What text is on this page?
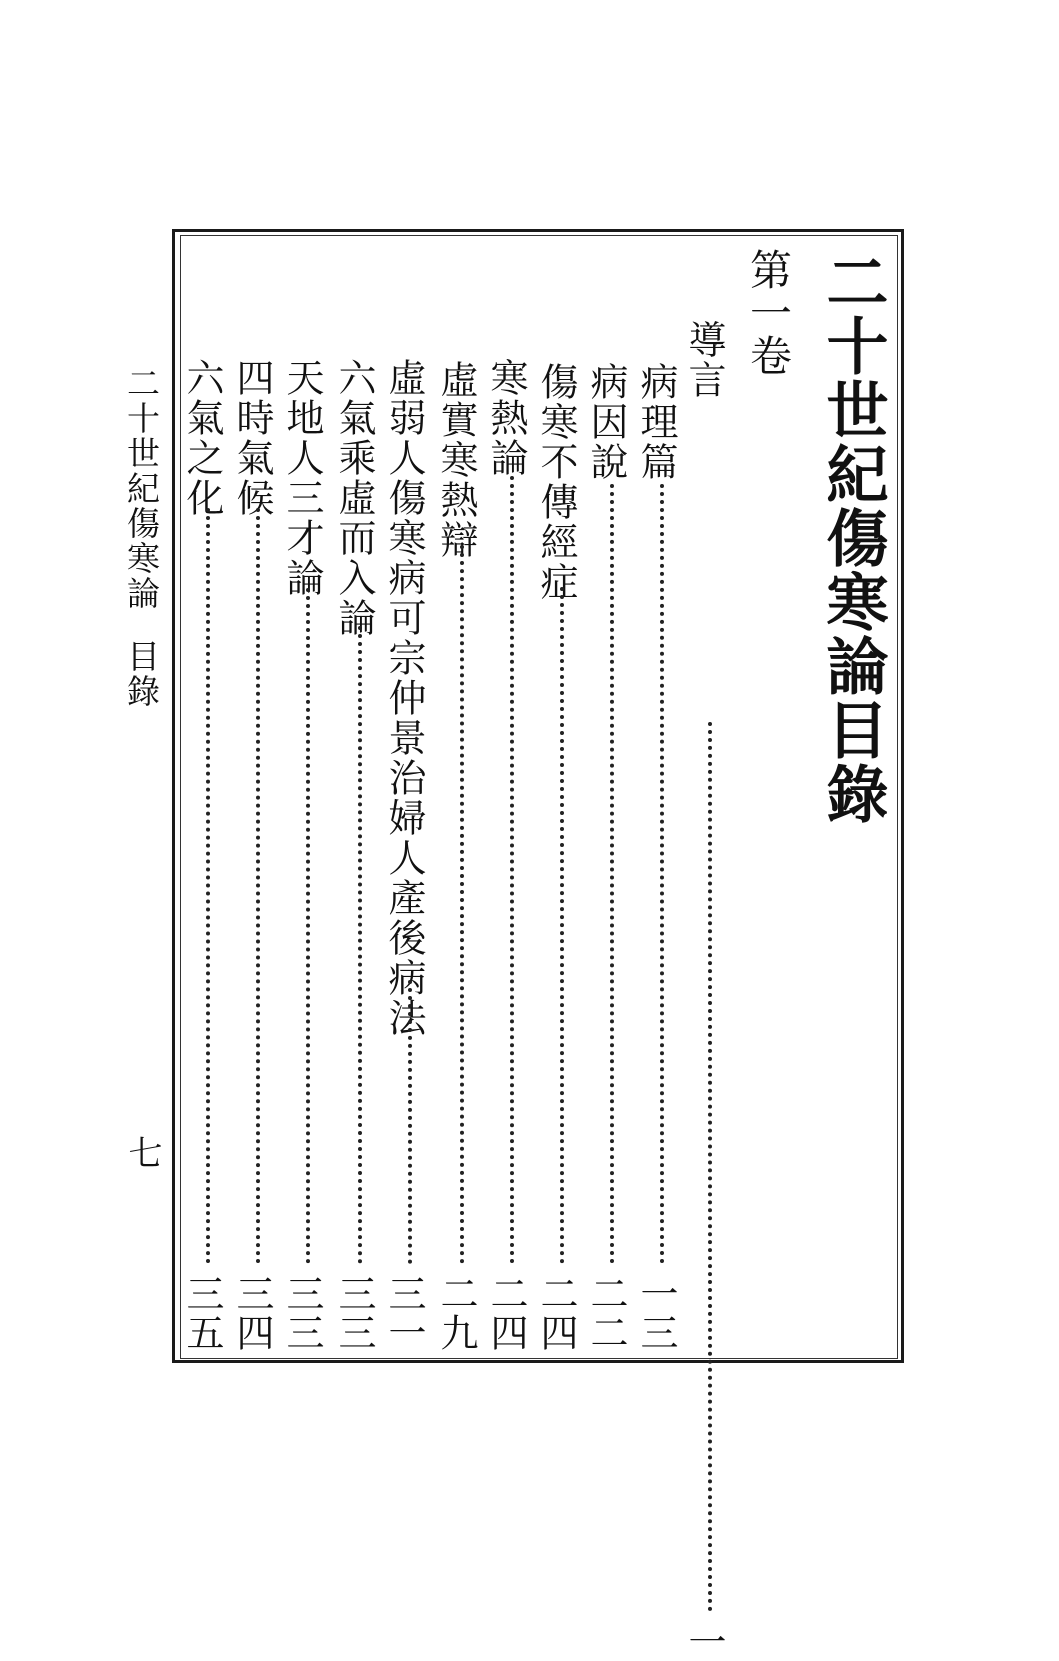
二十世紀傷寒論目錄
七
二十世紀傷寒論目錄
第一卷
導言
一
病理篇
一三
病因說
二二
傷寒不傳經症
二四
寒熱論
二四
虛實寒熱辯
二九
虛弱人傷寒病可宗仲景治婦人產後病法
三一
六氣乘虛而入論
三三
天地人三才論
三三
四時氣候
三四
六氣之化
三五
